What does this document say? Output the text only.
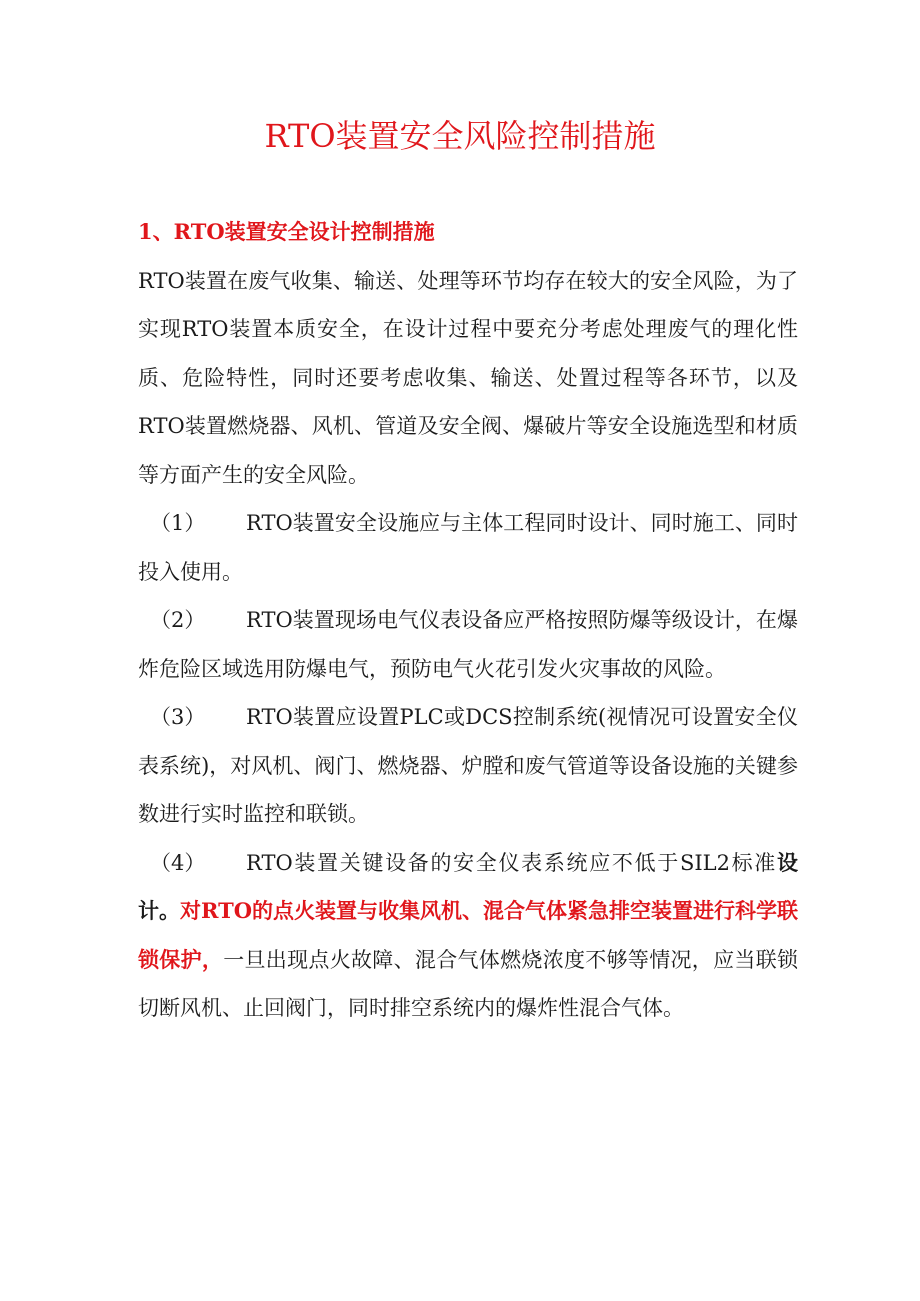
RTO装置安全风险控制措施
1、RTO装置安全设计控制措施

RTO装置在废气收集、输送、处理等环节均存在较大的安全风险，为了实现RTO装置本质安全，在设计过程中要充分考虑处理废气的理化性质、危险特性，同时还要考虑收集、输送、处置过程等各环节，以及RTO装置燃烧器、风机、管道及安全阀、爆破片等安全设施选型和材质等方面产生的安全风险。

（1） RTO装置安全设施应与主体工程同时设计、同时施工、同时投入使用。

（2） RTO装置现场电气仪表设备应严格按照防爆等级设计，在爆炸危险区域选用防爆电气，预防电气火花引发火灾事故的风险。

（3） RTO装置应设置PLC或DCS控制系统(视情况可设置安全仪表系统)，对风机、阀门、燃烧器、炉膛和废气管道等设备设施的关键参数进行实时监控和联锁。

（4） RTO装置关键设备的安全仪表系统应不低于SIL2标准设计。对RTO的点火装置与收集风机、混合气体紧急排空装置进行科学联锁保护，一旦出现点火故障、混合气体燃烧浓度不够等情况，应当联锁切断风机、止回阀门，同时排空系统内的爆炸性混合气体。
